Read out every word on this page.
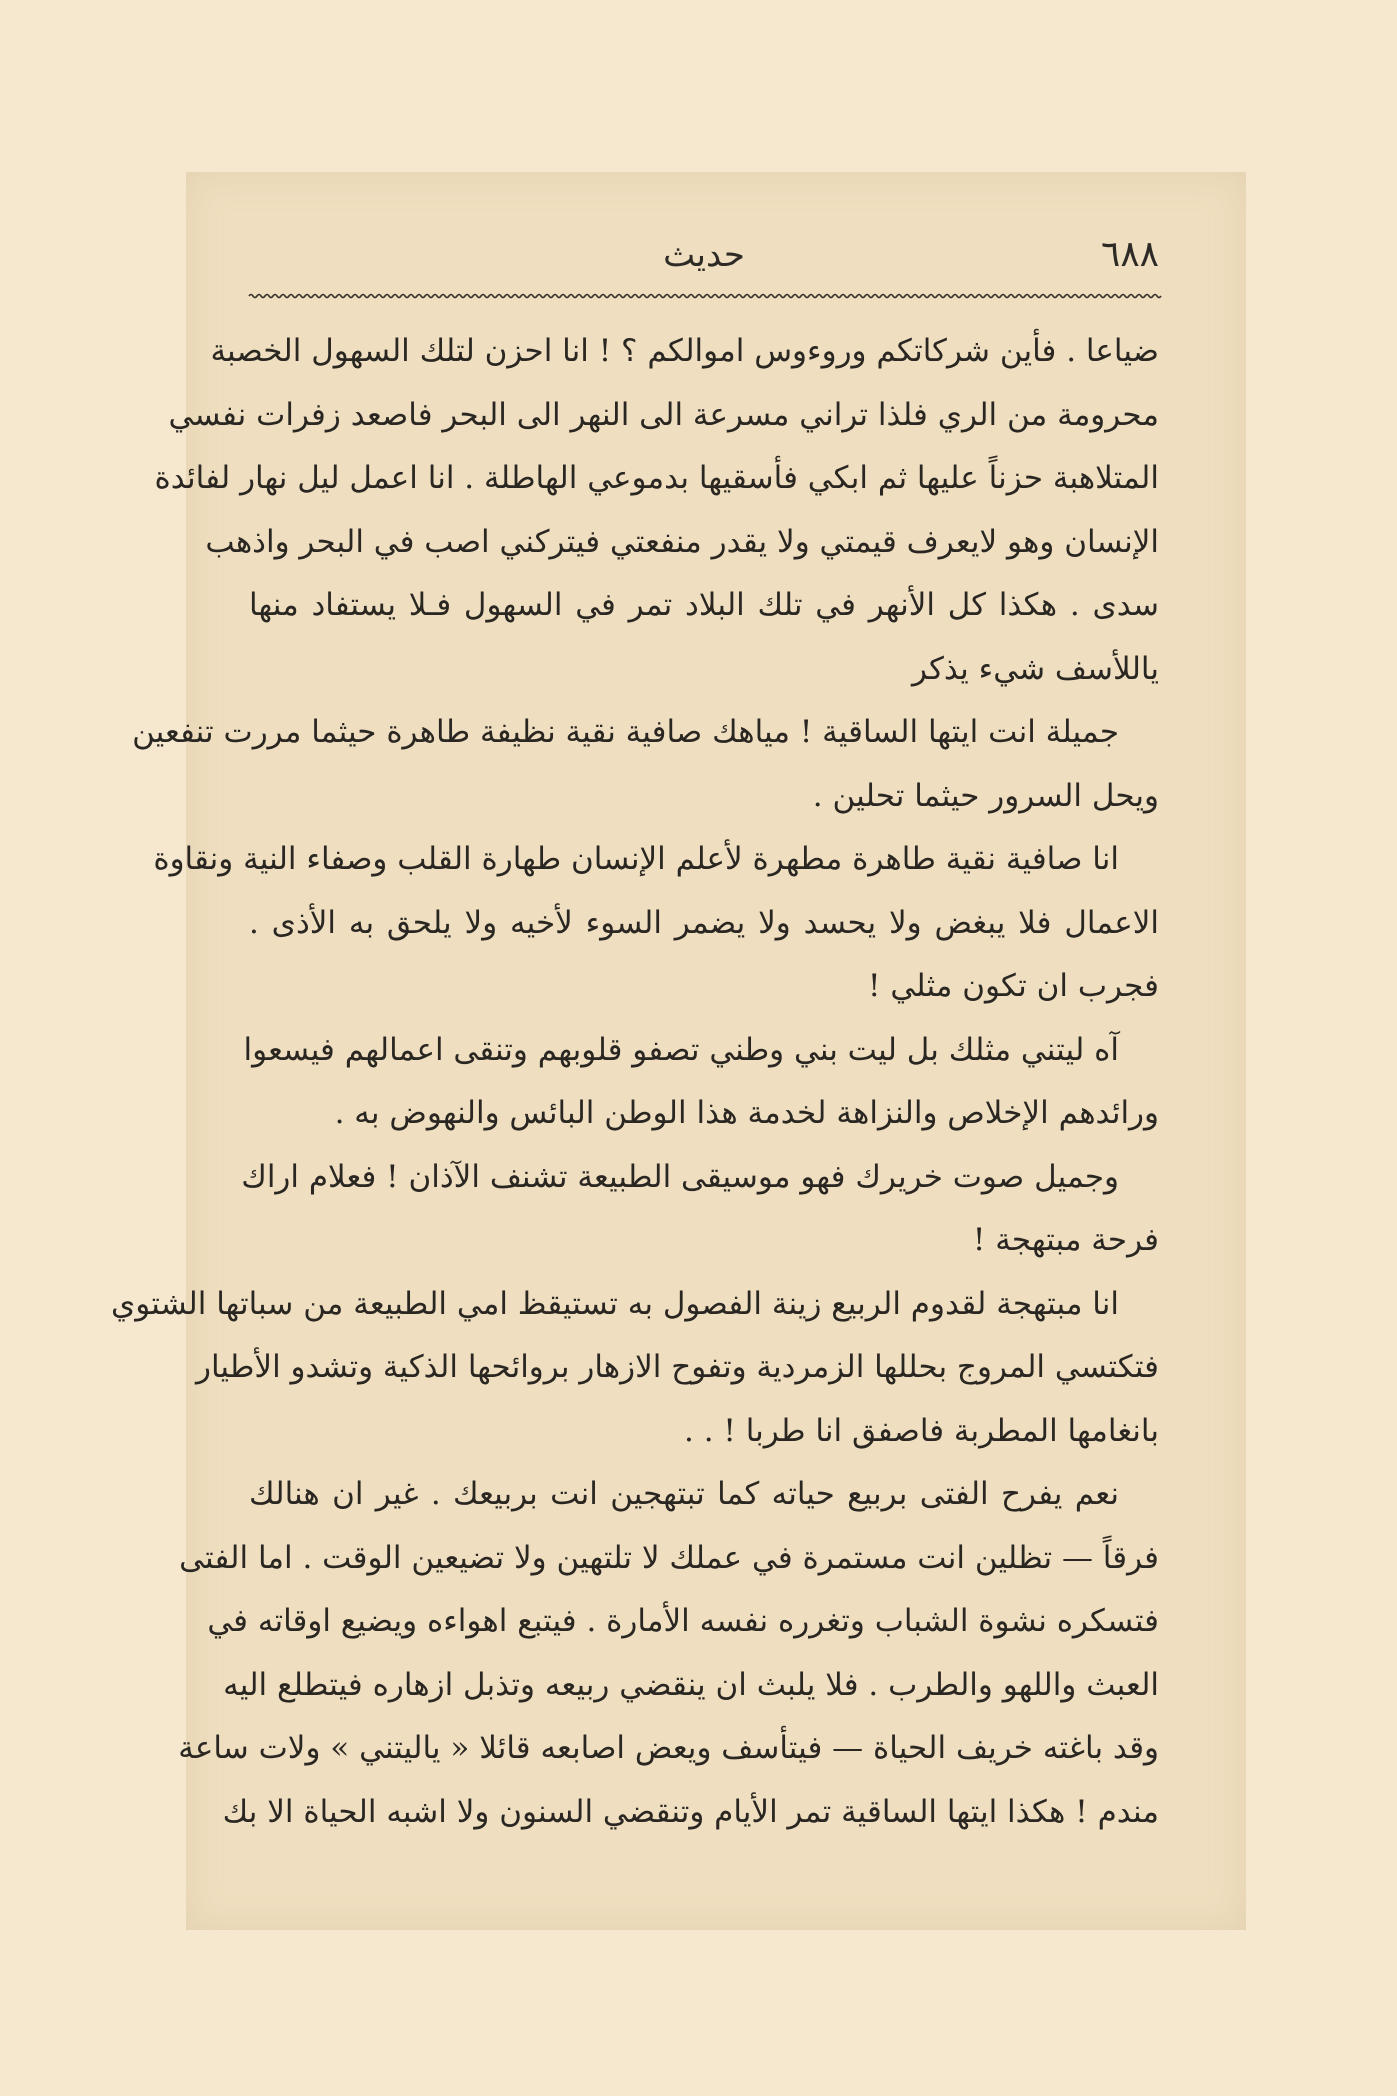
٦٨٨
حديث
ضياعا . فأين شركاتكم وروءوس اموالكم ؟ ! انا احزن لتلك السهول الخصبة
محرومة من الري فلذا تراني مسرعة الى النهر الى البحر فاصعد زفرات نفسي
المتلاهبة حزناً عليها ثم ابكي فأسقيها بدموعي الهاطلة . انا اعمل ليل نهار لفائدة
الإنسان وهو لايعرف قيمتي ولا يقدر منفعتي فيتركني اصب في البحر واذهب
سدى . هكذا كل الأنهر في تلك البلاد تمر في السهول فـلا يستفاد منها
ياللأسف شيء يذكر
جميلة انت ايتها الساقية ! مياهك صافية نقية نظيفة طاهرة حيثما مررت تنفعين
ويحل السرور حيثما تحلين .
انا صافية نقية طاهرة مطهرة لأعلم الإنسان طهارة القلب وصفاء النية ونقاوة
الاعمال فلا يبغض ولا يحسد ولا يضمر السوء لأخيه ولا يلحق به الأذى .
فجرب ان تكون مثلي !
آه ليتني مثلك بل ليت بني وطني تصفو قلوبهم وتنقى اعمالهم فيسعوا
ورائدهم الإخلاص والنزاهة لخدمة هذا الوطن البائس والنهوض به .
وجميل صوت خريرك فهو موسيقى الطبيعة تشنف الآذان ! فعلام اراك
فرحة مبتهجة !
انا مبتهجة لقدوم الربيع زينة الفصول به تستيقظ امي الطبيعة من سباتها الشتوي
فتكتسي المروج بحللها الزمردية وتفوح الازهار بروائحها الذكية وتشدو الأطيار
بانغامها المطربة فاصفق انا طربا ! . .
نعم يفرح الفتى بربيع حياته كما تبتهجين انت بربيعك . غير ان هنالك
فرقاً — تظلين انت مستمرة في عملك لا تلتهين ولا تضيعين الوقت . اما الفتى
فتسكره نشوة الشباب وتغرره نفسه الأمارة . فيتبع اهواءه ويضيع اوقاته في
العبث واللهو والطرب . فلا يلبث ان ينقضي ربيعه وتذبل ازهاره فيتطلع اليه
وقد باغته خريف الحياة — فيتأسف ويعض اصابعه قائلا « ياليتني » ولات ساعة
مندم ! هكذا ايتها الساقية تمر الأيام وتنقضي السنون ولا اشبه الحياة الا بك
